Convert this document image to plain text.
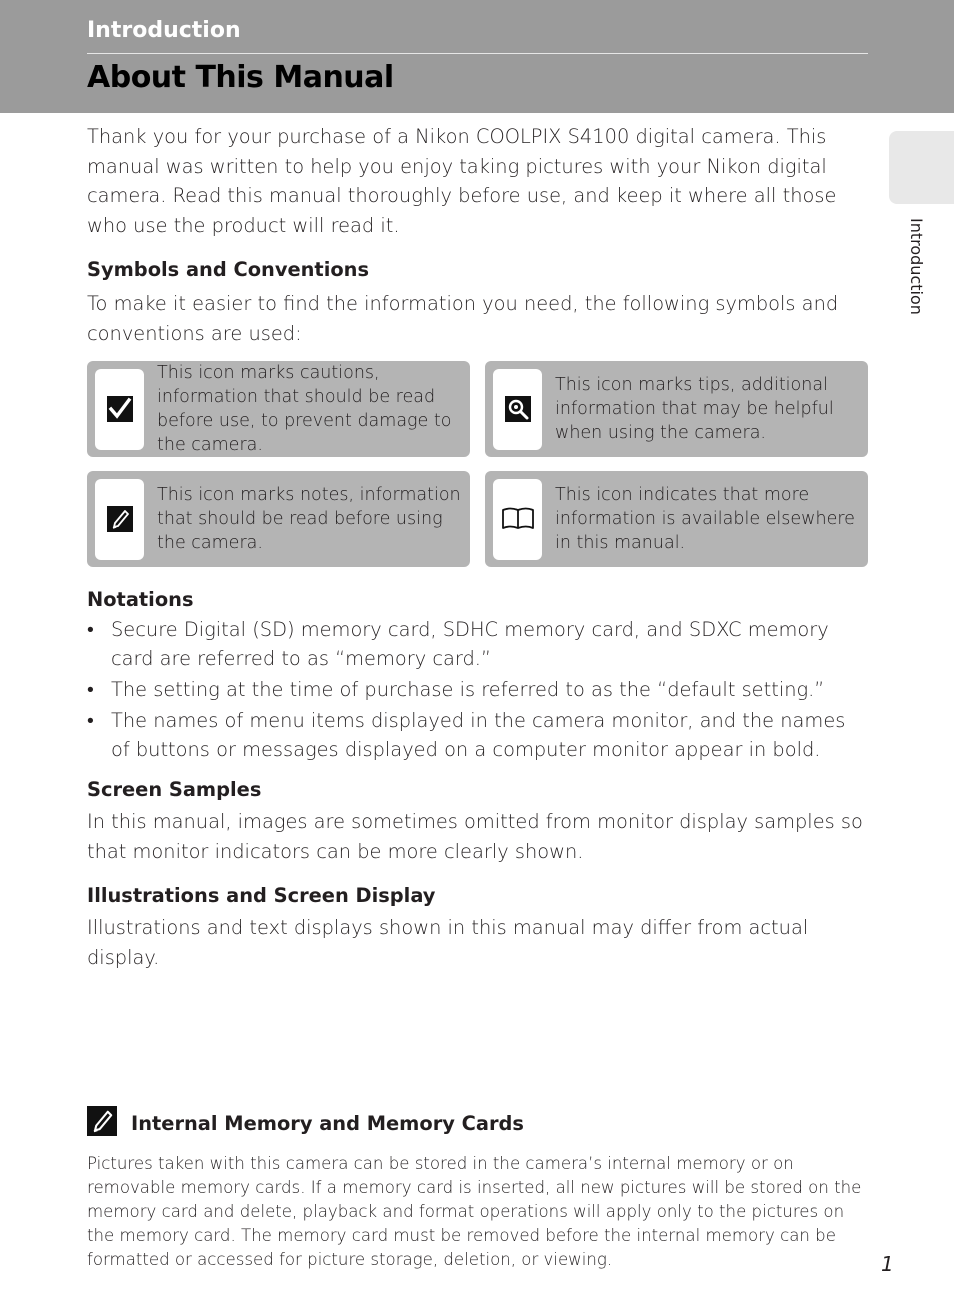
Introduction
About This Manual
Introduction

Thank you for your purchase of a Nikon COOLPIX S4100 digital camera. This manual was written to help you enjoy taking pictures with your Nikon digital camera. Read this manual thoroughly before use, and keep it where all those who use the product will read it.

Symbols and Conventions

To make it easier to find the information you need, the following symbols and conventions are used:

This icon marks cautions, information that should be read before use, to prevent damage to the camera.
This icon marks tips, additional information that may be helpful when using the camera.
This icon marks notes, information that should be read before using the camera.
This icon indicates that more information is available elsewhere in this manual.
Notations
• Secure Digital (SD) memory card, SDHC memory card, and SDXC memory card are referred to as “memory card.”
• The setting at the time of purchase is referred to as the “default setting.”
• The names of menu items displayed in the camera monitor, and the names of buttons or messages displayed on a computer monitor appear in bold.
Screen Samples

In this manual, images are sometimes omitted from monitor display samples so that monitor indicators can be more clearly shown.

Illustrations and Screen Display

Illustrations and text displays shown in this manual may differ from actual display.

Internal Memory and Memory Cards

Pictures taken with this camera can be stored in the camera’s internal memory or on removable memory cards. If a memory card is inserted, all new pictures will be stored on the memory card and delete, playback and format operations will apply only to the pictures on the memory card. The memory card must be removed before the internal memory can be formatted or accessed for picture storage, deletion, or viewing.	1
